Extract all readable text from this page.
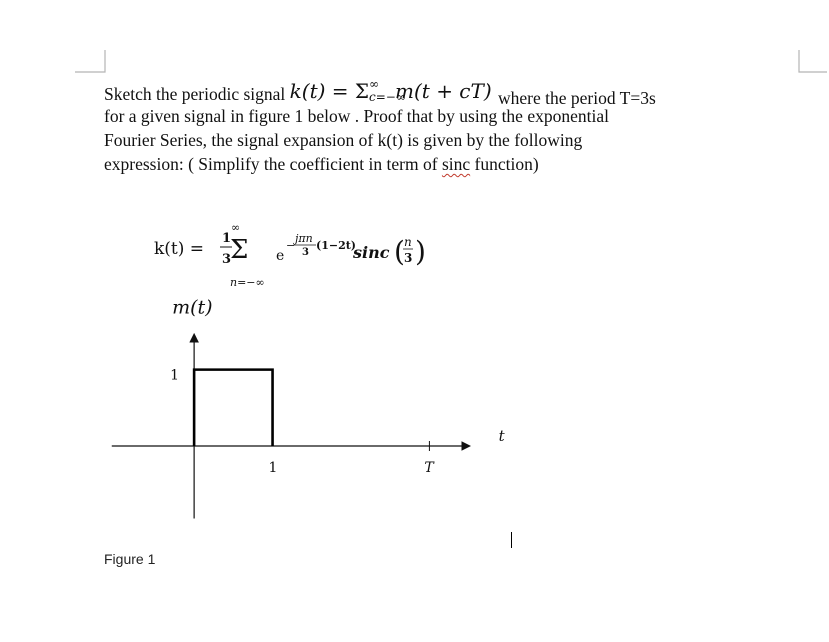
Sketch the periodic signal k(t) = Σ ∞
c=−∞
m(t + cT) where the period T=3s
for a given signal in figure 1 below . Proof that by using the exponential
Fourier Series, the signal expansion of k(t) is given by the following
expression: ( Simplify the coefficient in term of sinc function)
k(t) =
1
3
∞
Σ
n=−∞
e
−
jπn
3
(1−2t)
sinc ( n
3 )
m(t)
t
1
1	T
Figure 1
